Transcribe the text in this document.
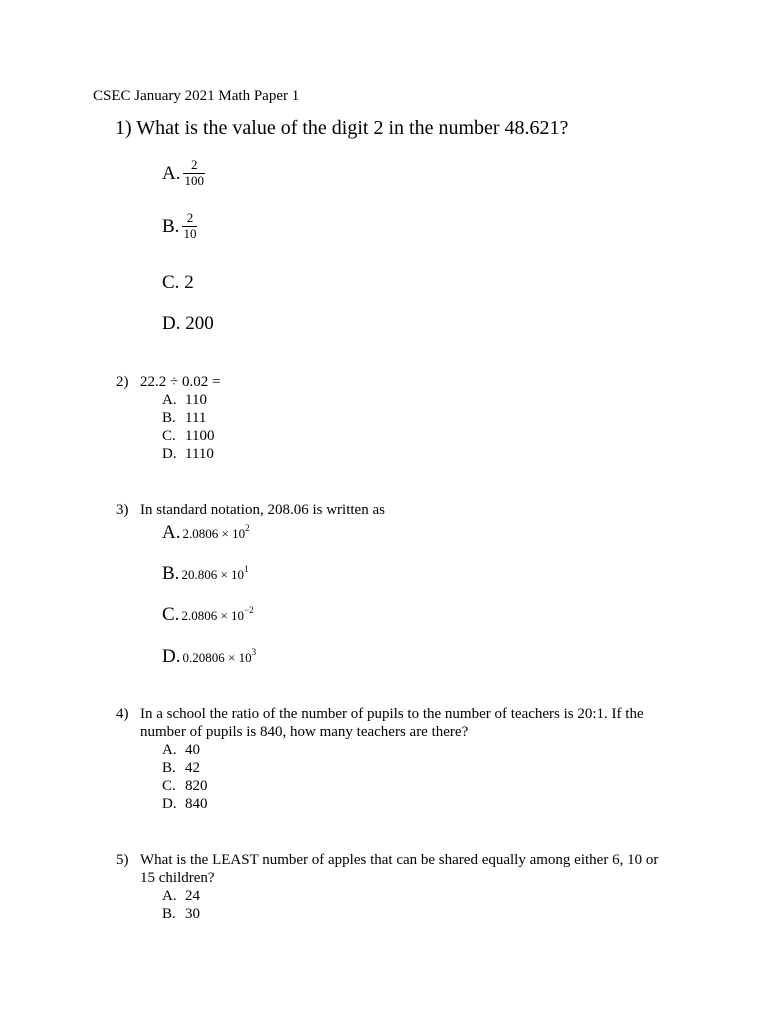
CSEC January 2021 Math Paper 1
1) What is the value of the digit 2 in the number 48.621?
A. $\frac{2}{100}$
B. $\frac{2}{10}$
C. 2
D. 200
2) 22.2 ÷ 0.02 =
A. 110
B. 111
C. 1100
D. 1110
3) In standard notation, 208.06 is written as
A. $2.0806 \times 10^2$
B. $20.806 \times 10^1$
C. $2.0806 \times 10^{-2}$
D. $0.20806 \times 10^3$
4) In a school the ratio of the number of pupils to the number of teachers is 20:1. If the
number of pupils is 840, how many teachers are there?
A. 40
B. 42
C. 820
D. 840
5) What is the LEAST number of apples that can be shared equally among either 6, 10 or
15 children?
A. 24
B. 30
